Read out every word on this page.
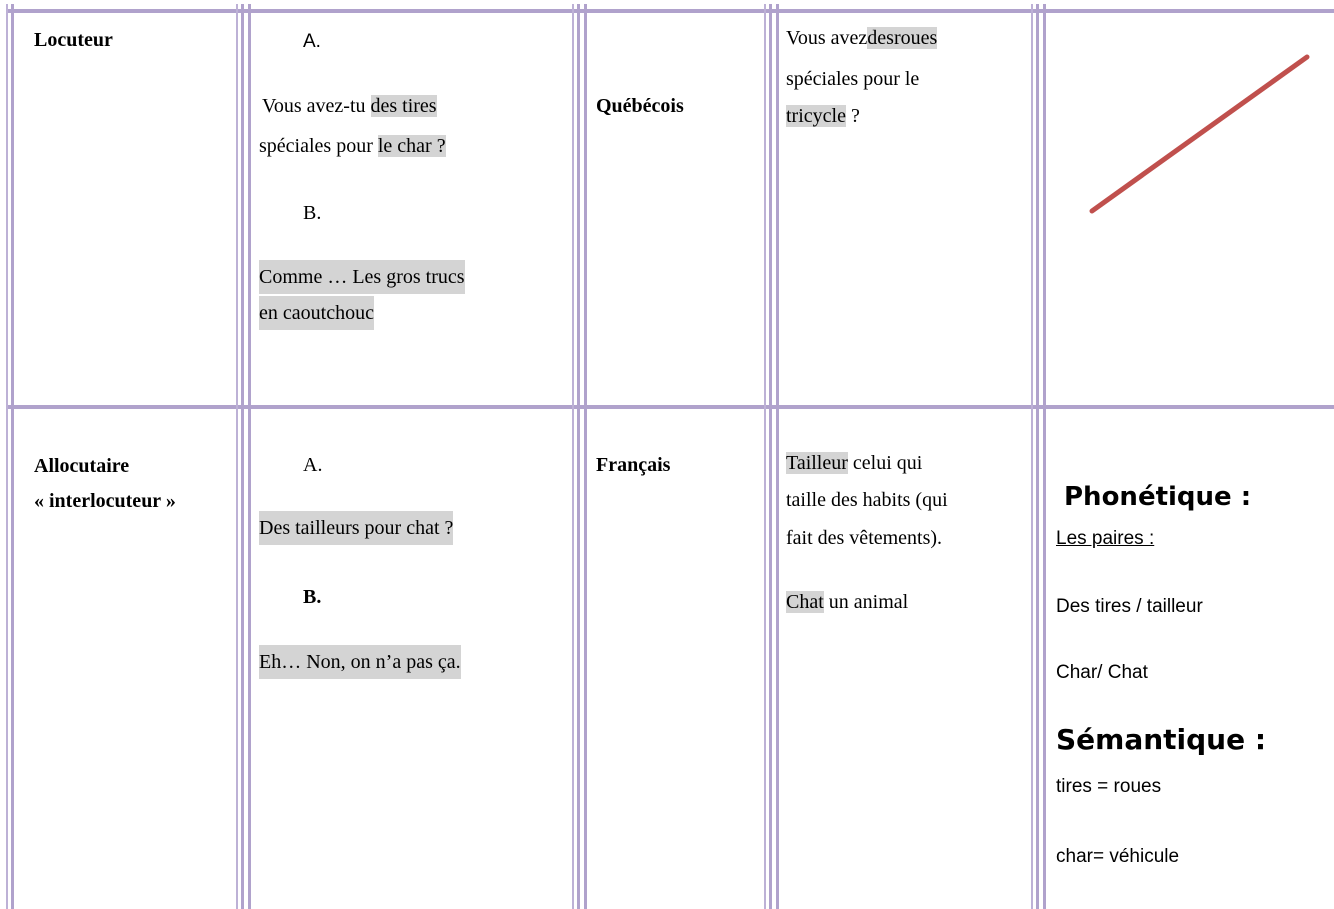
Locuteur	A.
Vous avez-tu des tires
spéciales pour le char ?
B.
Comme … Les gros trucs
en caoutchouc
Québécois
Vous avezdesroues
spéciales pour le
tricycle ?
Allocutaire
« interlocuteur »
A.
Des tailleurs pour chat ?
B.
Eh… Non, on n’a pas ça.
Français	Tailleur celui qui
taille des habits (qui
fait des vêtements).
Chat un animal
Phonétique :
Les paires :
Des tires / tailleur
Char/ Chat
Sémantique :
tires = roues
char= véhicule
